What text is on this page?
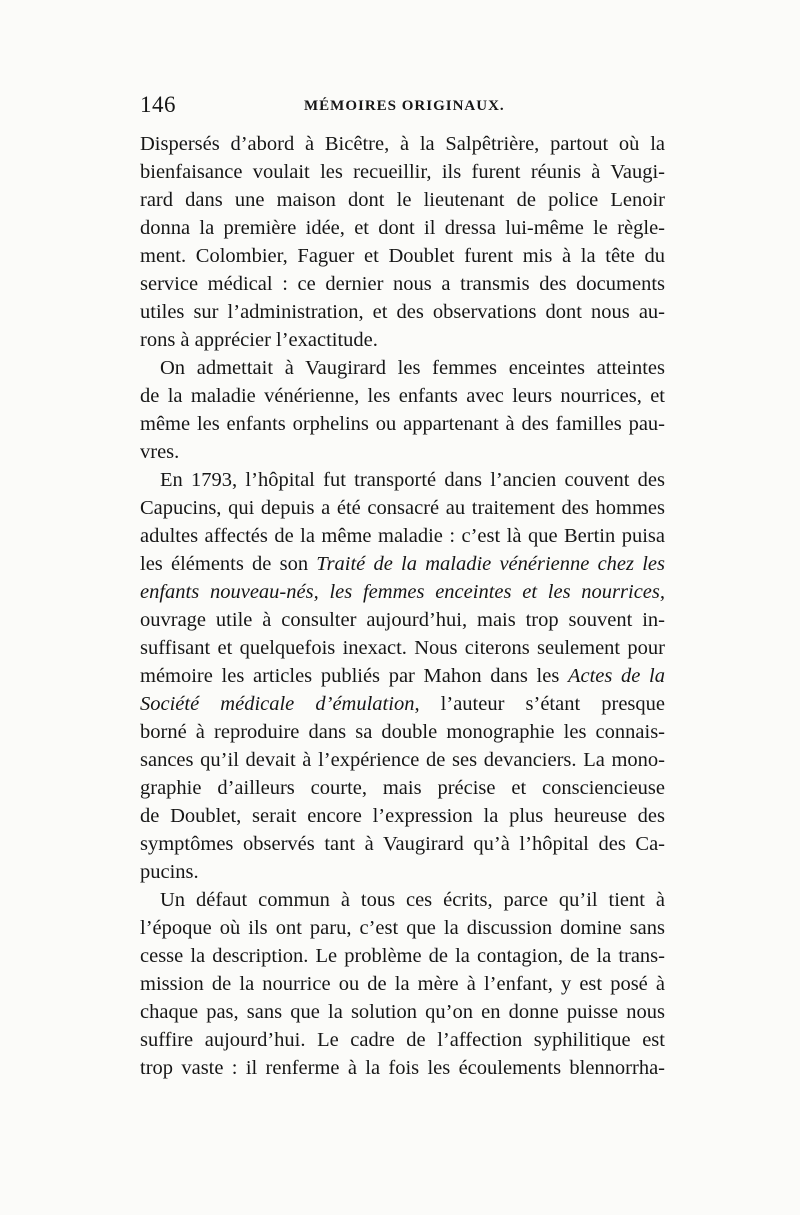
146	MÉMOIRES ORIGINAUX.
Dispersés d’abord à Bicêtre, à la Salpêtrière, partout où la
bienfaisance voulait les recueillir, ils furent réunis à Vaugi-
rard dans une maison dont le lieutenant de police Lenoir
donna la première idée, et dont il dressa lui-même le règle-
ment. Colombier, Faguer et Doublet furent mis à la tête du
service médical : ce dernier nous a transmis des documents
utiles sur l’administration, et des observations dont nous au-
rons à apprécier l’exactitude.
On admettait à Vaugirard les femmes enceintes atteintes
de la maladie vénérienne, les enfants avec leurs nourrices, et
même les enfants orphelins ou appartenant à des familles pau-
vres.
En 1793, l’hôpital fut transporté dans l’ancien couvent des
Capucins, qui depuis a été consacré au traitement des hommes
adultes affectés de la même maladie : c’est là que Bertin puisa
les éléments de son Traité de la maladie vénérienne chez les
enfants nouveau-nés, les femmes enceintes et les nourrices,
ouvrage utile à consulter aujourd’hui, mais trop souvent in-
suffisant et quelquefois inexact. Nous citerons seulement pour
mémoire les articles publiés par Mahon dans les Actes de la
Société médicale d’émulation, l’auteur s’étant presque
borné à reproduire dans sa double monographie les connais-
sances qu’il devait à l’expérience de ses devanciers. La mono-
graphie d’ailleurs courte, mais précise et consciencieuse
de Doublet, serait encore l’expression la plus heureuse des
symptômes observés tant à Vaugirard qu’à l’hôpital des Ca-
pucins.
Un défaut commun à tous ces écrits, parce qu’il tient à
l’époque où ils ont paru, c’est que la discussion domine sans
cesse la description. Le problème de la contagion, de la trans-
mission de la nourrice ou de la mère à l’enfant, y est posé à
chaque pas, sans que la solution qu’on en donne puisse nous
suffire aujourd’hui. Le cadre de l’affection syphilitique est
trop vaste : il renferme à la fois les écoulements blennorrha-
